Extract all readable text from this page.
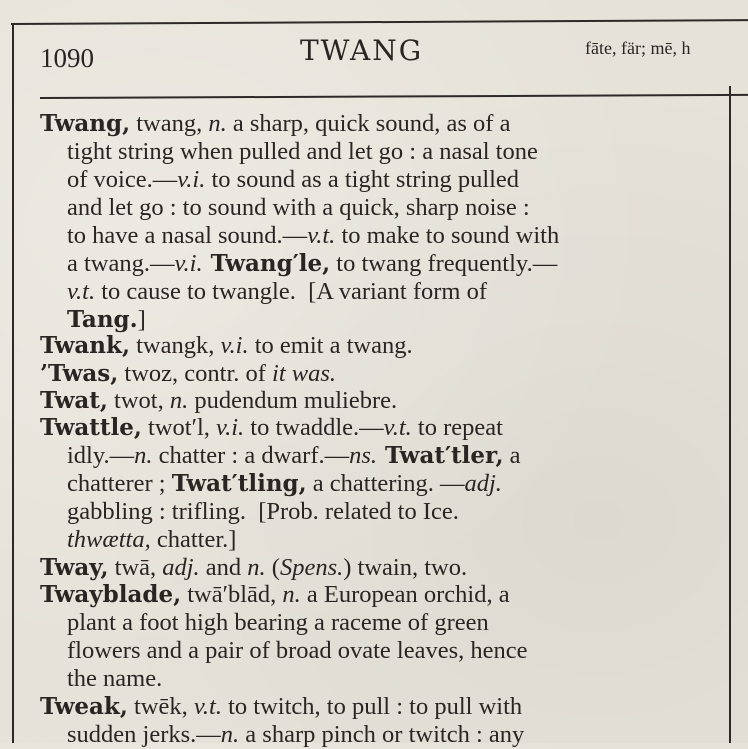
1090	TWANG	fāte, fär; mē, h
Twang, twang, n. a sharp, quick sound, as of a
tight string when pulled and let go : a nasal tone
of voice.—v.i. to sound as a tight string pulled
and let go : to sound with a quick, sharp noise :
to have a nasal sound.—v.t. to make to sound with
a twang.—v.i. Twang′le, to twang frequently.—
v.t. to cause to twangle.  [A variant form of
Tang.]
Twank, twangk, v.i. to emit a twang.
’Twas, twoz, contr. of it was.
Twat, twot, n. pudendum muliebre.
Twattle, twot′l, v.i. to twaddle.—v.t. to repeat
idly.—n. chatter : a dwarf.—ns. Twat′tler, a
chatterer ; Twat′tling, a chattering. —adj.
gabbling : trifling.  [Prob. related to Ice.
thwætta, chatter.]
Tway, twā, adj. and n. (Spens.) twain, two.
Twayblade, twā′blād, n. a European orchid, a
plant a foot high bearing a raceme of green
flowers and a pair of broad ovate leaves, hence
the name.
Tweak, twēk, v.t. to twitch, to pull : to pull with
sudden jerks.—n. a sharp pinch or twitch : any
